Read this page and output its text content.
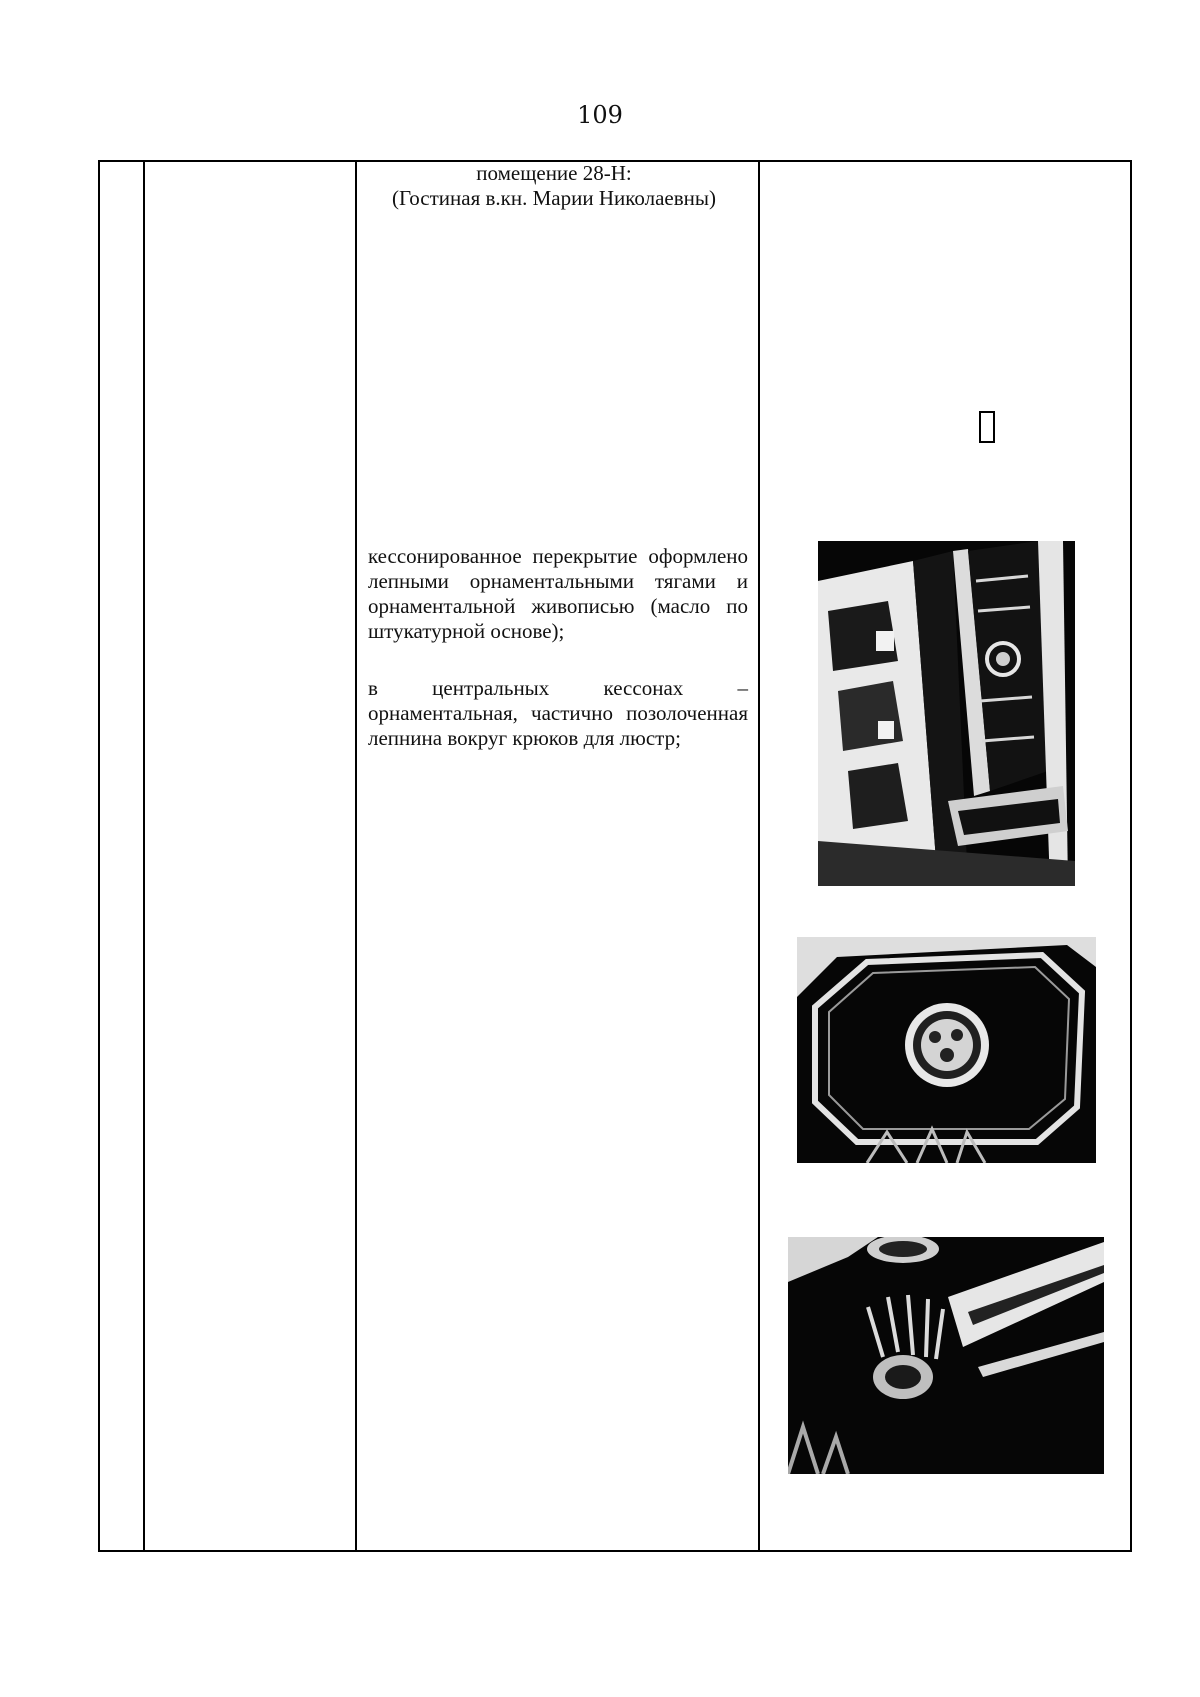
109
помещение 28-Н:
(Гостиная в.кн. Марии Николаевны)
кессонированное перекрытие оформлено лепными орнаментальными тягами и орнаментальной живописью (масло по штукатурной основе);
в центральных кессонах – орнаментальная, частично позолоченная лепнина вокруг крюков для люстр;
